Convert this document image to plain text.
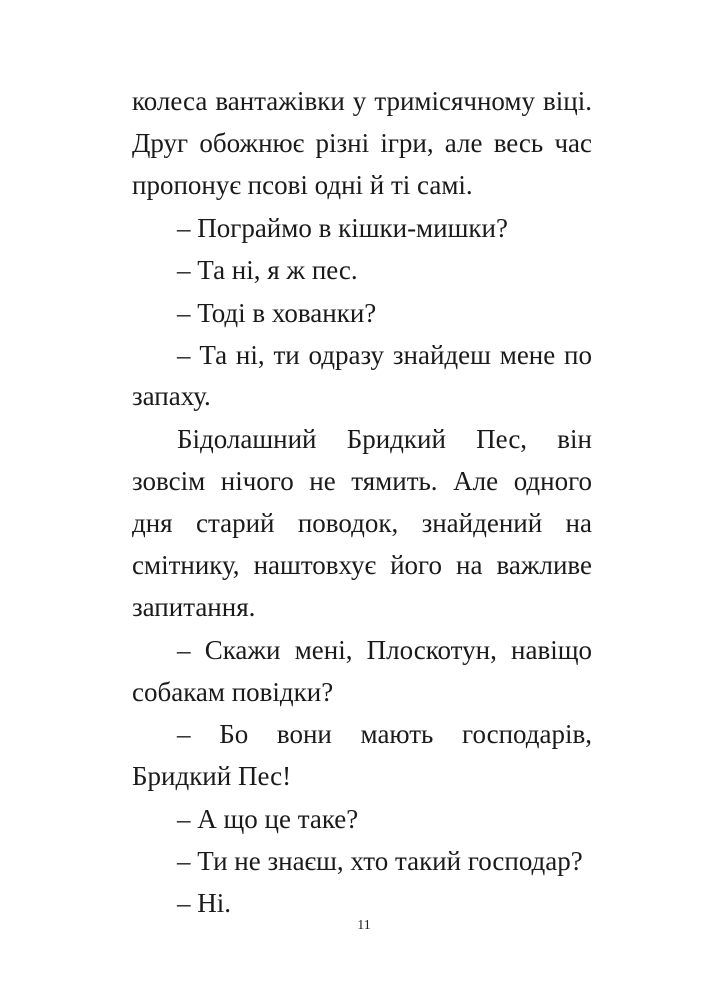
колеса вантажівки у тримісячному віці.
Друг обожнює різні ігри, але весь час
пропонує псові одні й ті самі.
– Пограймо в кішки-мишки?
– Та ні, я ж пес.
– Тоді в хованки?
– Та ні, ти одразу знайдеш мене по
запаху.
Бідолашний Бридкий Пес, він
зовсім нічого не тямить. Але одного
дня старий поводок, знайдений на
смітнику, наштовхує його на важливе
запитання.
– Скажи мені, Плоскотун, навіщо
собакам повідки?
– Бо вони мають господарів,
Бридкий Пес!
– А що це таке?
– Ти не знаєш, хто такий господар?
– Ні.
11
